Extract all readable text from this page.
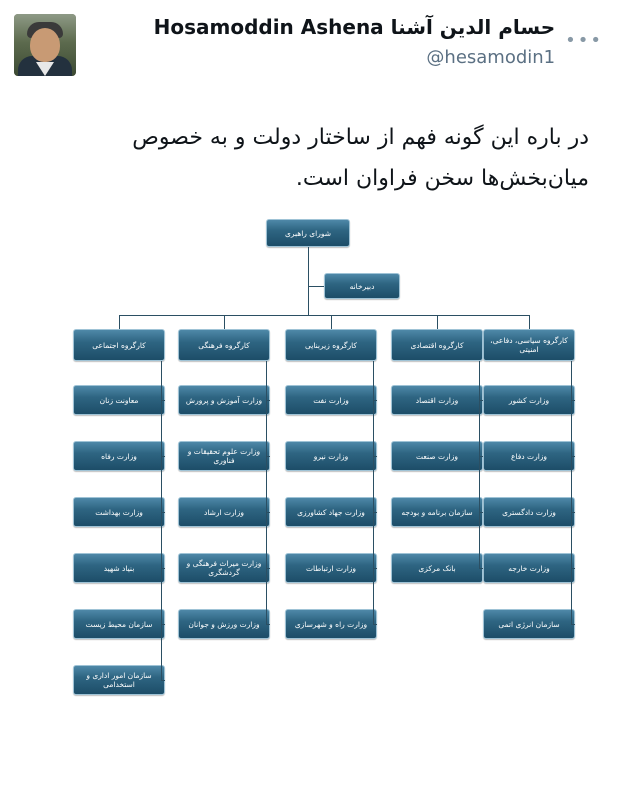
حسام الدین آشنا Hosamoddin Ashena
@hesamodin1
•••
در باره این گونه فهم از ساختار دولت و به خصوص میان‌بخش‌ها سخن فراوان است.
شورای راهبری
دبیرخانه
کارگروه سیاسی، دفاعی، امنیتی
وزارت کشور
وزارت دفاع
وزارت دادگستری
وزارت خارجه
سازمان انرژی اتمی
کارگروه اقتصادی
وزارت اقتصاد
وزارت صنعت
سازمان برنامه و بودجه
بانک مرکزی
کارگروه زیربنایی
وزارت نفت
وزارت نیرو
وزارت جهاد کشاورزی
وزارت ارتباطات
وزارت راه و شهرسازی
کارگروه فرهنگی
وزارت آموزش و پرورش
وزارت علوم تحقیقات و فناوری
وزارت ارشاد
وزارت میراث فرهنگی و گردشگری
وزارت ورزش و جوانان
کارگروه اجتماعی
معاونت زنان
وزارت رفاه
وزارت بهداشت
بنیاد شهید
سازمان محیط زیست
سازمان امور اداری و استخدامی
